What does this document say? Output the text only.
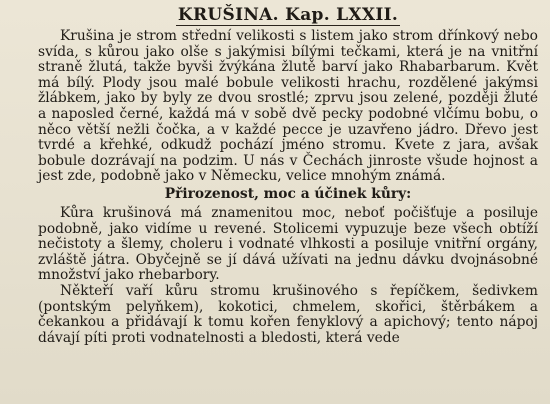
KRUŠINA. Kap. LXXII.

Krušina je strom střední velikosti s listem jako strom dřínkový nebo svída, s kůrou jako olše s jakýmisi bílými tečkami, která je na vnitřní straně žlutá, takže byvši žvýkána žlutě barví jako Rhabarbarum. Květ má bílý. Plody jsou malé bobule velikosti hrachu, rozdělené jakýmsi žlábkem, jako by byly ze dvou srostlé; zprvu jsou zelené, později žluté a naposled černé, každá má v sobě dvě pecky podobné vlčímu bobu, o něco větší nežli čočka, a v každé pecce je uzavřeno jádro. Dřevo jest tvrdé a křehké, odkudž pochází jméno stromu. Kvete z jara, avšak bobule dozrávají na podzim. U nás v Čechách jinroste všude hojnost a jest zde, podobně jako v Německu, velice mnohým známá.

Přirozenost, moc a účinek kůry:

Kůra krušinová má znamenitou moc, neboť počišťuje a posiluje podobně, jako vidíme u revené. Stolicemi vypuzuje beze všech obtíží nečistoty a šlemy, choleru i vodnaté vlhkosti a posiluje vnitřní orgány, zvláště játra. Obyčejně se jí dává užívati na jednu dávku dvojnásobné množství jako rhebarbory.

Někteří vaří kůru stromu krušinového s řepíčkem, šedivkem (pontským pelyňkem), kokotici, chmelem, skořici, štěrbákem a čekankou a přidávají k tomu kořen fenyklový a apichový; tento nápoj dávají píti proti vodnatelnosti a bledosti, která vede
